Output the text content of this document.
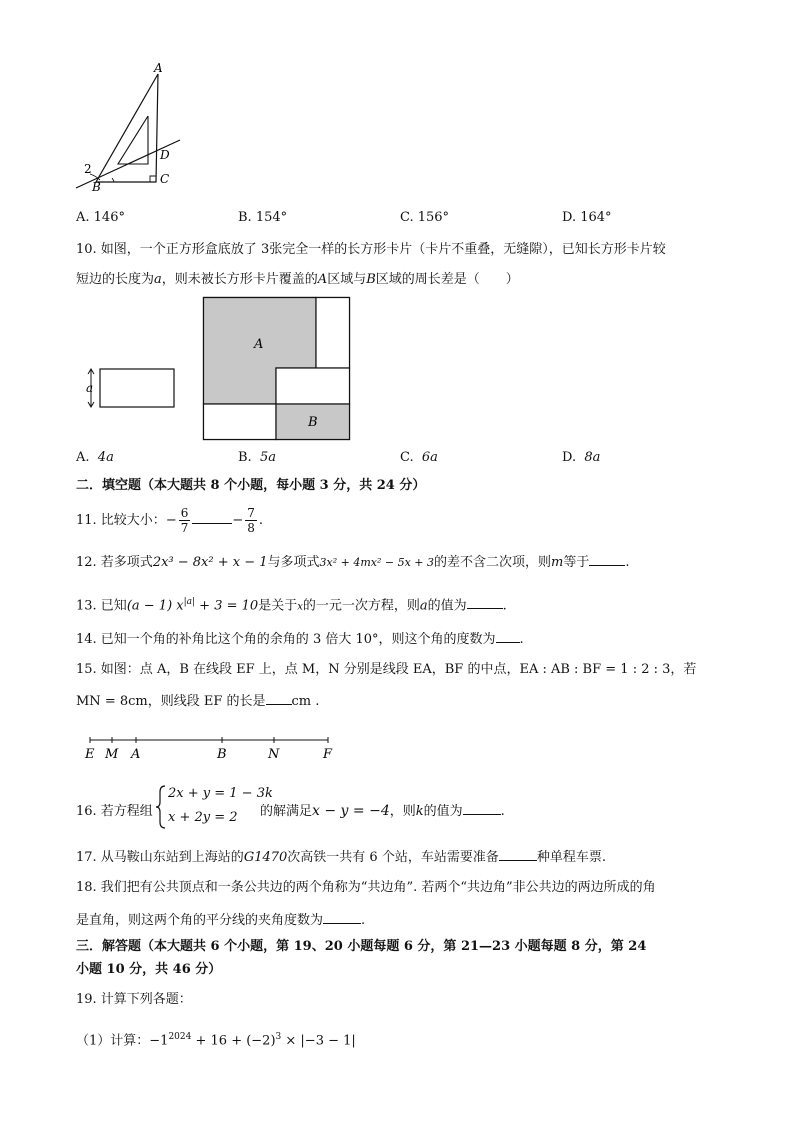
A
B
C
D
2
A. 146°	B. 154°	C. 156°	D. 164°
10. 如图，一个正方形盒底放了 3张完全一样的长方形卡片（卡片不重叠，无缝隙），已知长方形卡片较
短边的长度为a，则未被长方形卡片覆盖的A区域与B区域的周长差是（　　）
a
A
B
A. 4a	B. 5a	C. 6a	D. 8a
二．填空题（本大题共 8 个小题，每小题 3 分，共 24 分）
11. 比较大小：− $\frac{6}{7}$	− $\frac{7}{8}$ .
12. 若多项式2x³ − 8x² + x − 1与多项式3x² + 4mx² − 5x + 3的差不含二次项，则m等于	.
13. 已知(a − 1) $x^{|a|} + 3 = 10$是关于x的一元一次方程，则a的值为	.
14. 已知一个角的补角比这个角的余角的 3 倍大 10°，则这个角的度数为 .
15. 如图：点 A，B 在线段 EF 上，点 M，N 分别是线段 EA，BF 的中点，EA : AB : BF = 1 : 2 : 3，若
MN = 8cm，则线段 EF 的长是 cm .
E M A	B	N	F
16. 若方程组
2x + y = 1 − 3k
x + 2y = 2 的解满足x − y = −4，则k的值为	.
17. 从马鞍山东站到上海站的G1470次高铁一共有 6 个站，车站需要准备	种单程车票.
18. 我们把有公共顶点和一条公共边的两个角称为“共边角”. 若两个“共边角”非公共边的两边所成的角
是直角，则这两个角的平分线的夹角度数为	.
三．解答题（本大题共 6 个小题，第 19、20 小题每题 6 分，第 21—23 小题每题 8 分，第 24
小题 10 分，共 46 分）
19. 计算下列各题：
（1）计算：$-1^{2024} + 16 + (-2)^3 \times |-3 - 1|$
